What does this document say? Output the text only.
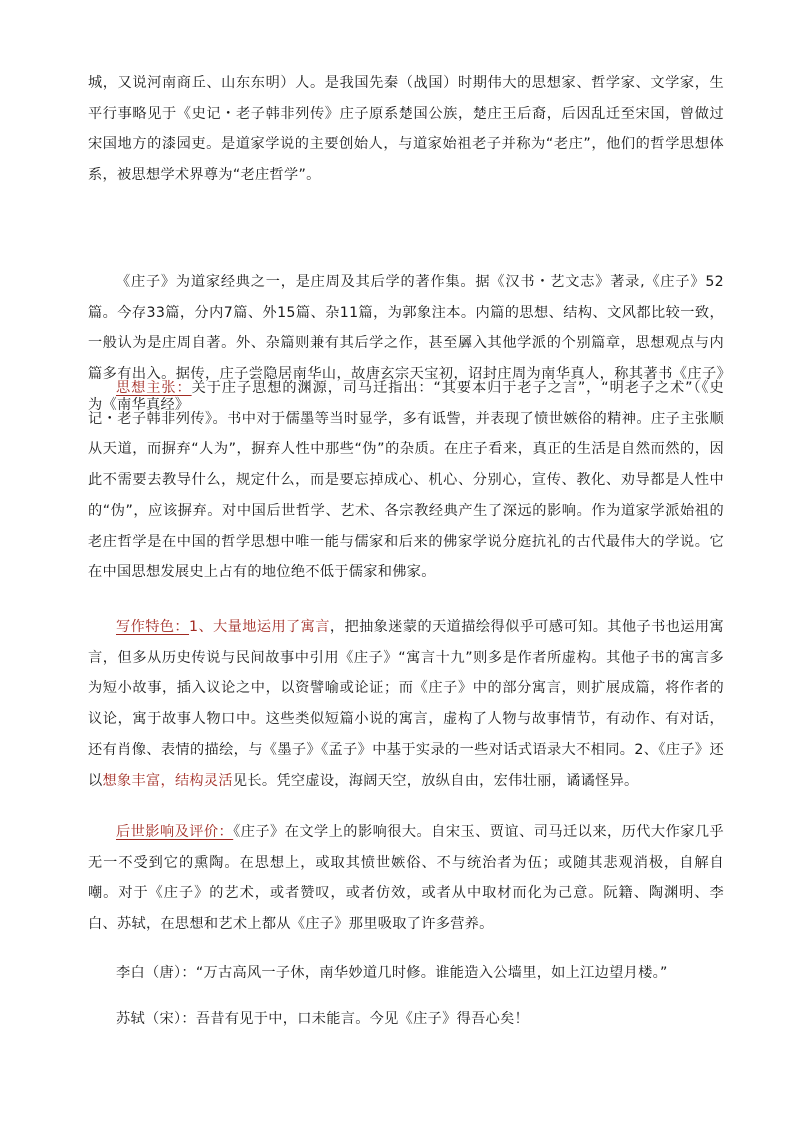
城，又说河南商丘、山东东明）人。是我国先秦（战国）时期伟大的思想家、哲学家、文学家，生平行事略见于《史记・老子韩非列传》庄子原系楚国公族，楚庄王后裔，后因乱迁至宋国，曾做过宋国地方的漆园吏。是道家学说的主要创始人，与道家始祖老子并称为“老庄”，他们的哲学思想体系，被思想学术界尊为“老庄哲学”。

《庄子》为道家经典之一，是庄周及其后学的著作集。据《汉书・艺文志》著录,《庄子》52篇。今存33篇，分内7篇、外15篇、杂11篇，为郭象注本。内篇的思想、结构、文风都比较一致，一般认为是庄周自著。外、杂篇则兼有其后学之作，甚至羼入其他学派的个别篇章，思想观点与内篇多有出入。据传，庄子尝隐居南华山，故唐玄宗天宝初，诏封庄周为南华真人，称其著书《庄子》为《南华真经》

思想主张：关于庄子思想的渊源，司马迁指出：“其要本归于老子之言”，“明老子之术”（《史记・老子韩非列传》。书中对于儒墨等当时显学，多有诋訾，并表现了愤世嫉俗的精神。庄子主张顺从天道，而摒弃“人为”，摒弃人性中那些“伪”的杂质。在庄子看来，真正的生活是自然而然的，因此不需要去教导什么，规定什么，而是要忘掉成心、机心、分别心，宣传、教化、劝导都是人性中的“伪”，应该摒弃。对中国后世哲学、艺术、各宗教经典产生了深远的影响。作为道家学派始祖的老庄哲学是在中国的哲学思想中唯一能与儒家和后来的佛家学说分庭抗礼的古代最伟大的学说。它在中国思想发展史上占有的地位绝不低于儒家和佛家。

写作特色：1、大量地运用了寓言，把抽象迷蒙的天道描绘得似乎可感可知。其他子书也运用寓言，但多从历史传说与民间故事中引用《庄子》“寓言十九”则多是作者所虚构。其他子书的寓言多为短小故事，插入议论之中，以资譬喻或论证；而《庄子》中的部分寓言，则扩展成篇，将作者的议论，寓于故事人物口中。这些类似短篇小说的寓言，虚构了人物与故事情节，有动作、有对话，还有肖像、表情的描绘，与《墨子》《孟子》中基于实录的一些对话式语录大不相同。2、《庄子》还以想象丰富，结构灵活见长。凭空虚设，海阔天空，放纵自由，宏伟壮丽，谲谲怪异。

后世影响及评价：《庄子》在文学上的影响很大。自宋玉、贾谊、司马迁以来，历代大作家几乎无一不受到它的熏陶。在思想上，或取其愤世嫉俗、不与统治者为伍；或随其悲观消极，自解自嘲。对于《庄子》的艺术，或者赞叹，或者仿效，或者从中取材而化为己意。阮籍、陶渊明、李白、苏轼，在思想和艺术上都从《庄子》那里吸取了许多营养。

李白（唐）：“万古高风一子休，南华妙道几时修。谁能造入公墙里，如上江边望月楼。”

苏轼（宋）：吾昔有见于中，口未能言。今见《庄子》得吾心矣！
